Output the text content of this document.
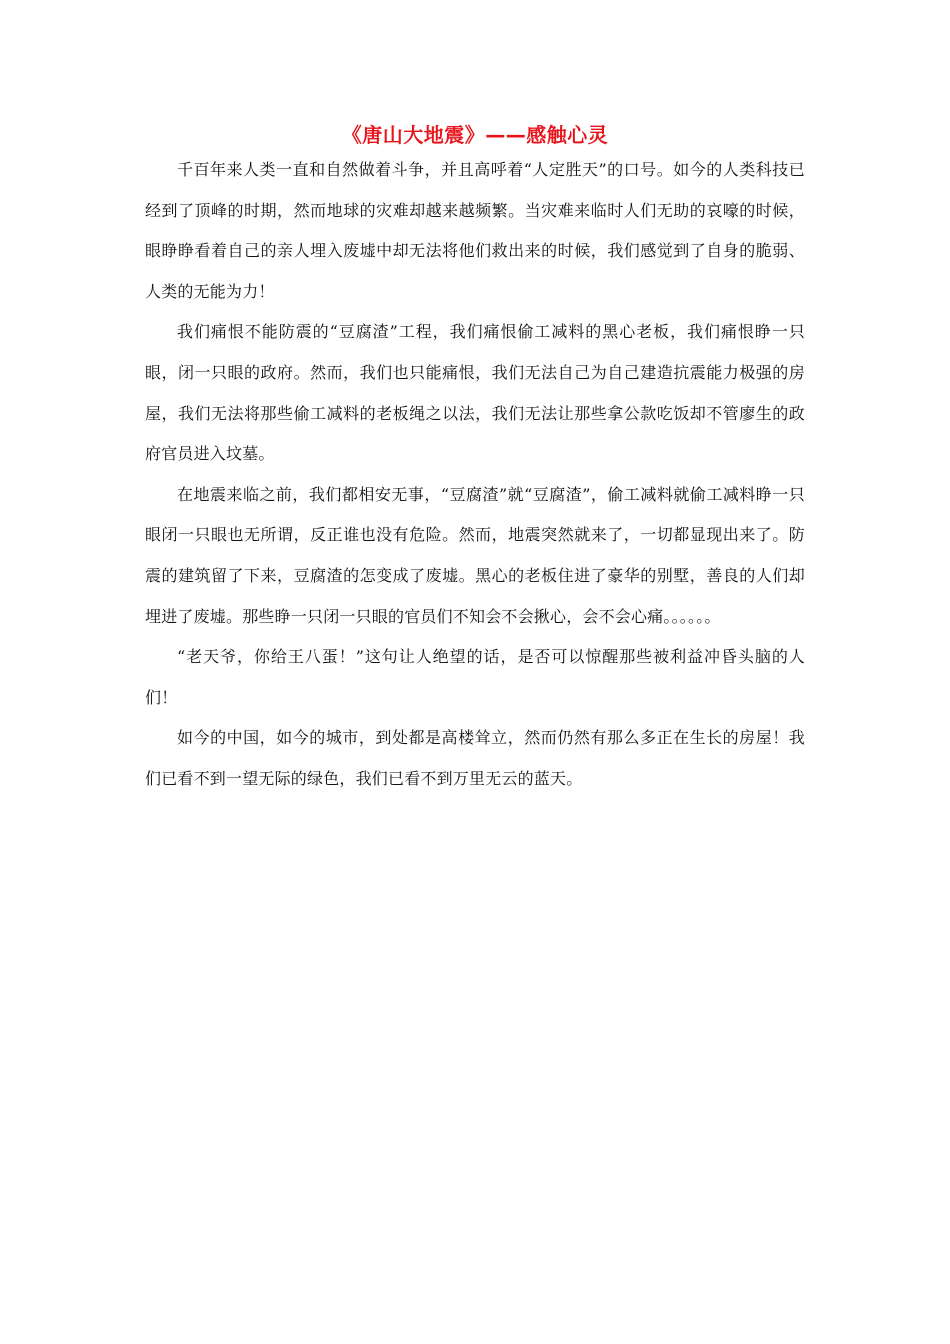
《唐山大地震》——感触心灵

千百年来人类一直和自然做着斗争，并且高呼着“人定胜天”的口号。如今的人类科技已经到了顶峰的时期，然而地球的灾难却越来越频繁。当灾难来临时人们无助的哀嚎的时候，眼睁睁看着自己的亲人埋入废墟中却无法将他们救出来的时候，我们感觉到了自身的脆弱、人类的无能为力！

我们痛恨不能防震的“豆腐渣”工程，我们痛恨偷工减料的黑心老板，我们痛恨睁一只眼，闭一只眼的政府。然而，我们也只能痛恨，我们无法自己为自己建造抗震能力极强的房屋，我们无法将那些偷工减料的老板绳之以法，我们无法让那些拿公款吃饭却不管廖生的政府官员进入坟墓。

在地震来临之前，我们都相安无事，“豆腐渣”就“豆腐渣”，偷工减料就偷工减料睁一只眼闭一只眼也无所谓，反正谁也没有危险。然而，地震突然就来了，一切都显现出来了。防震的建筑留了下来，豆腐渣的怎变成了废墟。黑心的老板住进了豪华的别墅，善良的人们却埋进了废墟。那些睁一只闭一只眼的官员们不知会不会揪心，会不会心痛。。。。。。

“老天爷，你给王八蛋！”这句让人绝望的话，是否可以惊醒那些被利益冲昏头脑的人们！

如今的中国，如今的城市，到处都是高楼耸立，然而仍然有那么多正在生长的房屋！我们已看不到一望无际的绿色，我们已看不到万里无云的蓝天。
